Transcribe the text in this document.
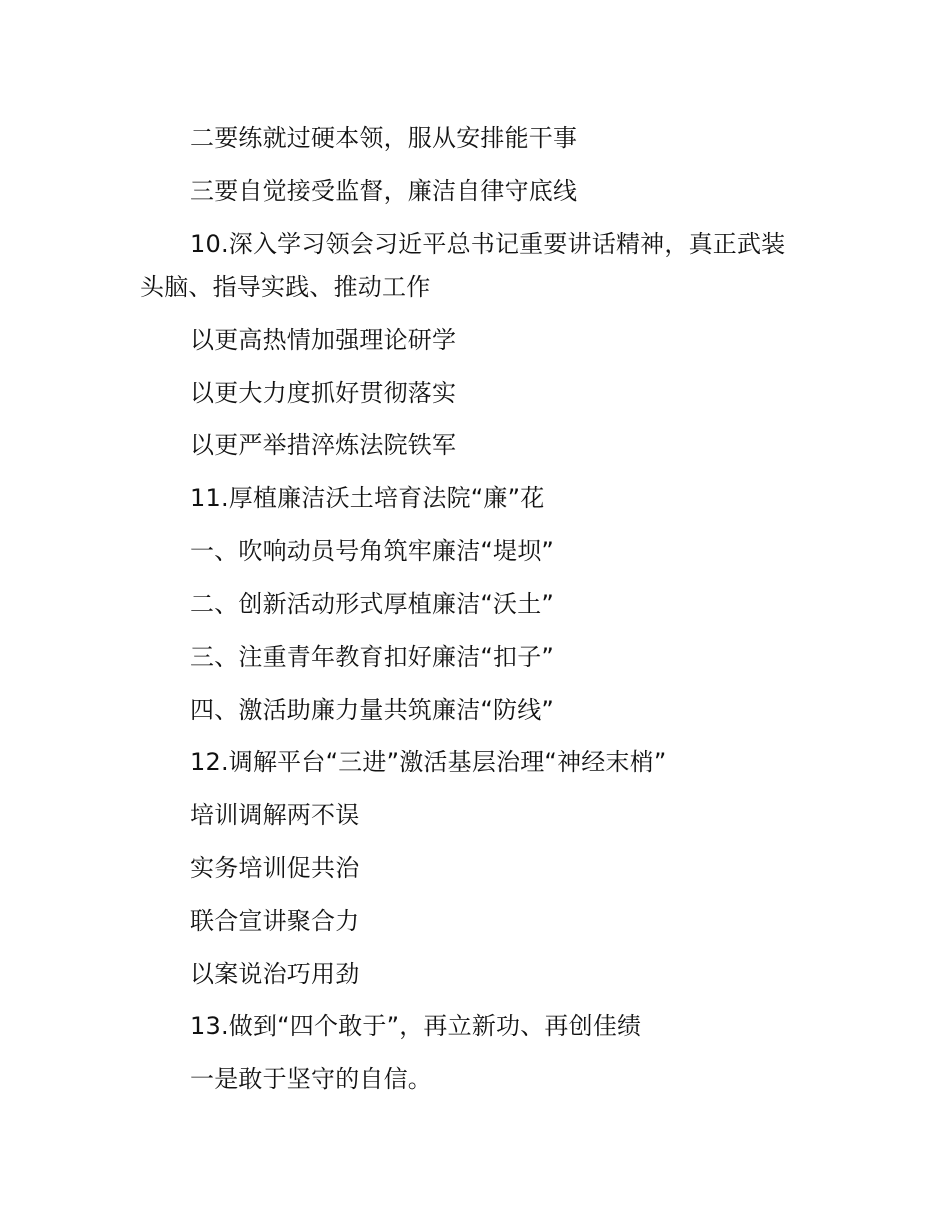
二要练就过硬本领，服从安排能干事
三要自觉接受监督，廉洁自律守底线
10.深入学习领会习近平总书记重要讲话精神，真正武装
头脑、指导实践、推动工作
以更高热情加强理论研学
以更大力度抓好贯彻落实
以更严举措淬炼法院铁军
11.厚植廉洁沃土培育法院“廉”花
一、吹响动员号角筑牢廉洁“堤坝”
二、创新活动形式厚植廉洁“沃土”
三、注重青年教育扣好廉洁“扣子”
四、激活助廉力量共筑廉洁“防线”
12.调解平台“三进”激活基层治理“神经末梢”
培训调解两不误
实务培训促共治
联合宣讲聚合力
以案说治巧用劲
13.做到“四个敢于”，再立新功、再创佳绩
一是敢于坚守的自信。
